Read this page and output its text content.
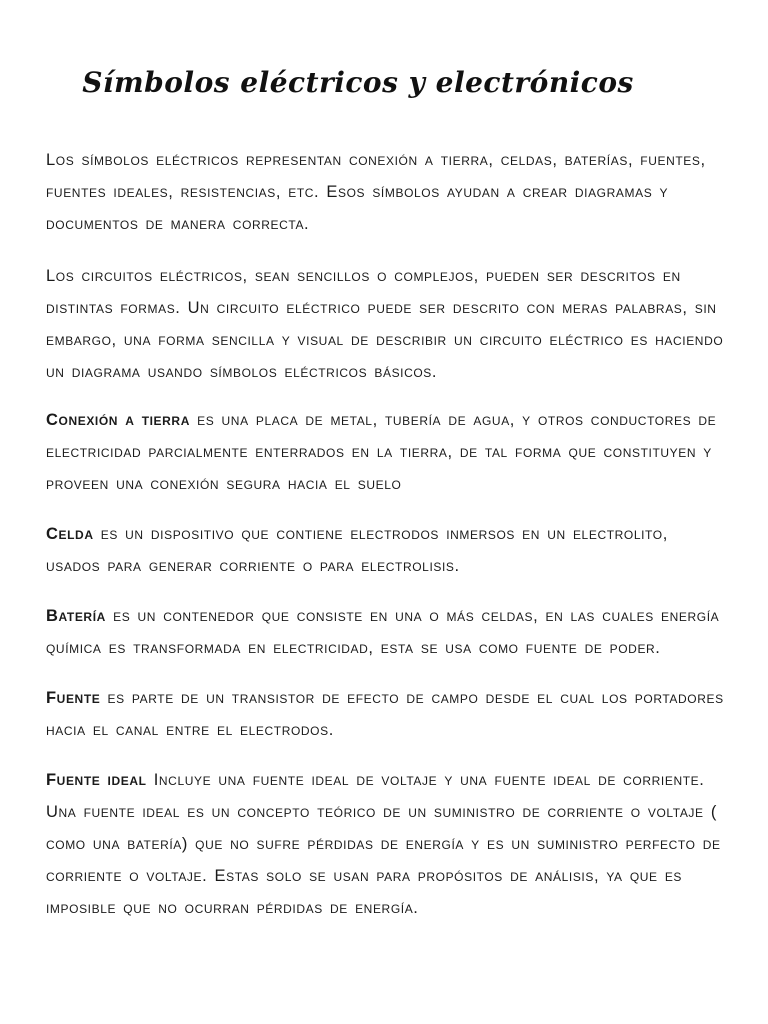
Símbolos eléctricos y electrónicos

Los símbolos eléctricos representan conexión a tierra, celdas, baterías, fuentes, fuentes ideales, resistencias, etc. Esos símbolos ayudan a crear diagramas y documentos de manera correcta.

Los circuitos eléctricos, sean sencillos o complejos, pueden ser descritos en distintas formas. Un circuito eléctrico puede ser descrito con meras palabras, sin embargo, una forma sencilla y visual de describir un circuito eléctrico es haciendo un diagrama usando símbolos eléctricos básicos.

Conexión a tierra es una placa de metal, tubería de agua, y otros conductores de electricidad parcialmente enterrados en la tierra, de tal forma que constituyen y proveen una conexión segura hacia el suelo

Celda es un dispositivo que contiene electrodos inmersos en un electrolito, usados para generar corriente o para electrolisis.

Batería es un contenedor que consiste en una o más celdas, en las cuales energía química es transformada en electricidad, esta se usa como fuente de poder.

Fuente es parte de un transistor de efecto de campo desde el cual los portadores hacia el canal entre el electrodos.

Fuente ideal Incluye una fuente ideal de voltaje y una fuente ideal de corriente. Una fuente ideal es un concepto teórico de un suministro de corriente o voltaje ( como una batería) que no sufre pérdidas de energía y es un suministro perfecto de corriente o voltaje. Estas solo se usan para propósitos de análisis, ya que es imposible que no ocurran pérdidas de energía.
